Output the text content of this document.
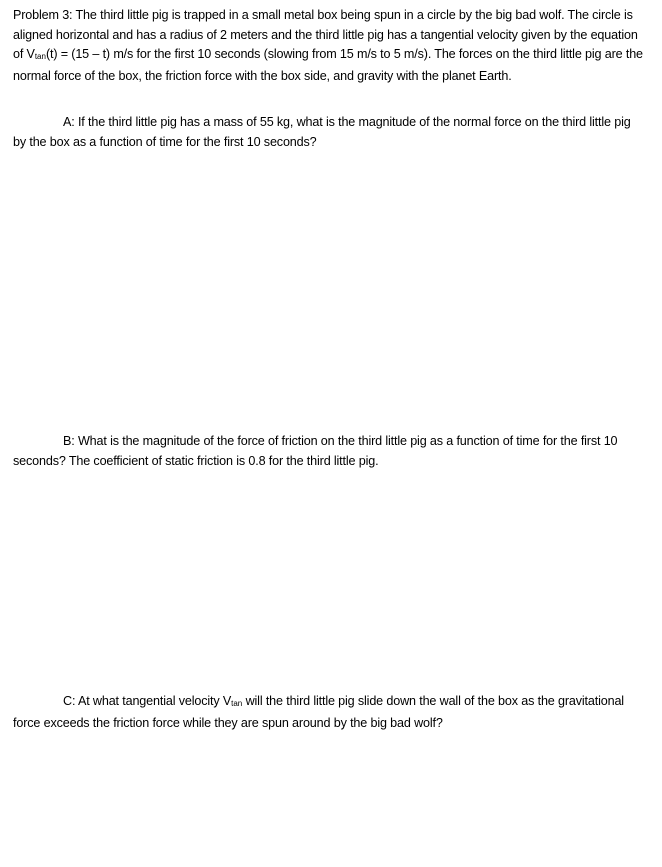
Problem 3: The third little pig is trapped in a small metal box being spun in a circle by the big bad wolf. The circle is aligned horizontal and has a radius of 2 meters and the third little pig has a tangential velocity given by the equation of Vtan(t) = (15 – t) m/s for the first 10 seconds (slowing from 15 m/s to 5 m/s). The forces on the third little pig are the normal force of the box, the friction force with the box side, and gravity with the planet Earth.

A: If the third little pig has a mass of 55 kg, what is the magnitude of the normal force on the third little pig by the box as a function of time for the first 10 seconds?

B: What is the magnitude of the force of friction on the third little pig as a function of time for the first 10 seconds? The coefficient of static friction is 0.8 for the third little pig.

C: At what tangential velocity Vtan will the third little pig slide down the wall of the box as the gravitational force exceeds the friction force while they are spun around by the big bad wolf?
